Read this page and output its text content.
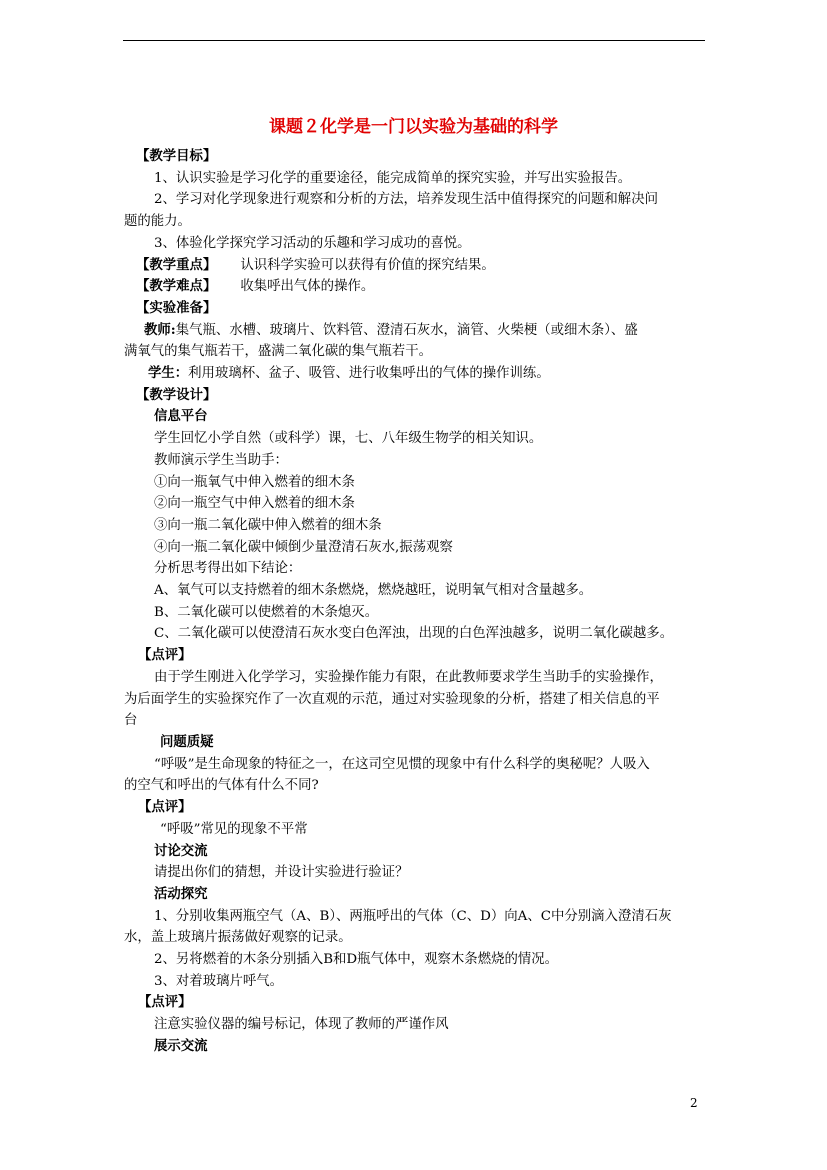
课题２化学是一门以实验为基础的科学

【教学目标】

1、认识实验是学习化学的重要途径，能完成简单的探究实验，并写出实验报告。

2、学习对化学现象进行观察和分析的方法，培养发现生活中值得探究的问题和解决问

题的能力。

3、体验化学探究学习活动的乐趣和学习成功的喜悦。

【教学重点】 认识科学实验可以获得有价值的探究结果。

【教学难点】 收集呼出气体的操作。

【实验准备】

教师:集气瓶、水槽、玻璃片、饮料管、澄清石灰水，滴管、火柴梗（或细木条）、盛

满氧气的集气瓶若干，盛满二氧化碳的集气瓶若干。

学生：利用玻璃杯、盆子、吸管、进行收集呼出的气体的操作训练。

【教学设计】

信息平台

学生回忆小学自然（或科学）课，七、八年级生物学的相关知识。

教师演示学生当助手：

①向一瓶氧气中伸入燃着的细木条

②向一瓶空气中伸入燃着的细木条

③向一瓶二氧化碳中伸入燃着的细木条

④向一瓶二氧化碳中倾倒少量澄清石灰水,振荡观察

分析思考得出如下结论：

A、氧气可以支持燃着的细木条燃烧，燃烧越旺，说明氧气相对含量越多。

B、二氧化碳可以使燃着的木条熄灭。

C、二氧化碳可以使澄清石灰水变白色浑浊，出现的白色浑浊越多，说明二氧化碳越多。

【点评】

由于学生刚进入化学学习，实验操作能力有限，在此教师要求学生当助手的实验操作，

为后面学生的实验探究作了一次直观的示范，通过对实验现象的分析，搭建了相关信息的平

台

问题质疑

“呼吸”是生命现象的特征之一，在这司空见惯的现象中有什么科学的奥秘呢？人吸入

的空气和呼出的气体有什么不同?

【点评】

“呼吸”常见的现象不平常

讨论交流

请提出你们的猜想，并设计实验进行验证？

活动探究

1、分别收集两瓶空气（A、B）、两瓶呼出的气体（C、D）向A、C中分别滴入澄清石灰

水，盖上玻璃片振荡做好观察的记录。

2、另将燃着的木条分别插入B和D瓶气体中，观察木条燃烧的情况。

3、对着玻璃片呼气。

【点评】

注意实验仪器的编号标记，体现了教师的严谨作风

展示交流

2
